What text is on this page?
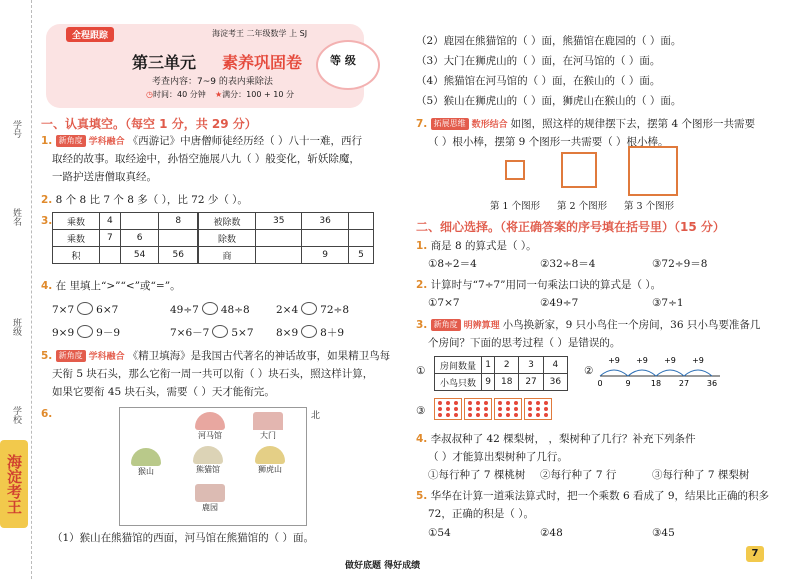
学号
姓名
班级
学校
海淀考王
全程跟踪	海淀考王 二年级数学 上 SJ
第三单元 素养巩固卷	等 级
考查内容：7~9 的表内乘除法
◷时间：40 分钟 ★满分：100 + 10 分
一、认真填空。（每空 1 分，共 29 分）
1. 新角度 学科融合 《西游记》中唐僧师徒经历经（ ）八十一难，西行
取经的故事。取经途中，孙悟空施展八九（ ）般变化，斩妖除魔，
一路护送唐僧取真经。
2. 8 个 8 比 7 个 8 多（ ），比 72 少（ ）。
3. 乘数	4		8
乘数	7	6	
积		54	56
被除数	35	36	
除数			
商		9	5
4. 在 里填上“>”“<”或“=”。
7×7 6×7	49÷7 48÷8	2×4 72÷8
9×9 9－9	7×6－7 5×7 8×9 8＋9
5. 新角度 学科融合 《精卫填海》是我国古代著名的神话故事，如果精卫鸟每
天衔 5 块石头，那么它衔一周一共可以衔（ ）块石头，照这样计算，
如果它要衔 45 块石头，需要（ ）天才能衔完。
6.	北
河马馆	大门
猴山	熊猫馆	狮虎山
鹿园
（1）猴山在熊猫馆的西面，河马馆在熊猫馆的（ ）面。
（2）鹿园在熊猫馆的（ ）面，熊猫馆在鹿园的（ ）面。
（3）大门在狮虎山的（ ）面，在河马馆的（ ）面。
（4）熊猫馆在河马馆的（ ）面，在猴山的（ ）面。
（5）猴山在狮虎山的（ ）面，狮虎山在猴山的（ ）面。
7. 拓展思维 数形结合 如图，照这样的规律摆下去，摆第 4 个图形一共需要
（ ）根小棒，摆第 9 个图形一共需要（ ）根小棒。
第 1 个图形 第 2 个图形 第 3 个图形
二、细心选择。（将正确答案的序号填在括号里）（15 分）
1. 商是 8 的算式是（ ）。
①8÷2＝4	②32÷8＝4	③72÷9＝8
2. 计算时与“7÷7”用同一句乘法口诀的算式是（ ）。
①7×7	②49÷7	③7÷1
3. 新角度 明辨算理 小鸟换新家，9 只小鸟住一个房间，36 只小鸟要准备几
个房间？下面的思考过程（ ）是错误的。
① 房间数量	1	2	3	4
小鸟只数	9	18	27	36
②
0	9	18 27 36
+9 +9 +9 +9
③
4. 李叔叔种了 42 棵梨树， ，梨树种了几行？补充下列条件
（ ）才能算出梨树种了几行。
①每行种了 7 棵桃树 ②每行种了 7 行	③每行种了 7 棵梨树
5. 华华在计算一道乘法算式时，把一个乘数 6 看成了 9，结果比正确的积多
72，正确的积是（ ）。
①54	②48	③45
做好底题 得好成绩
7
